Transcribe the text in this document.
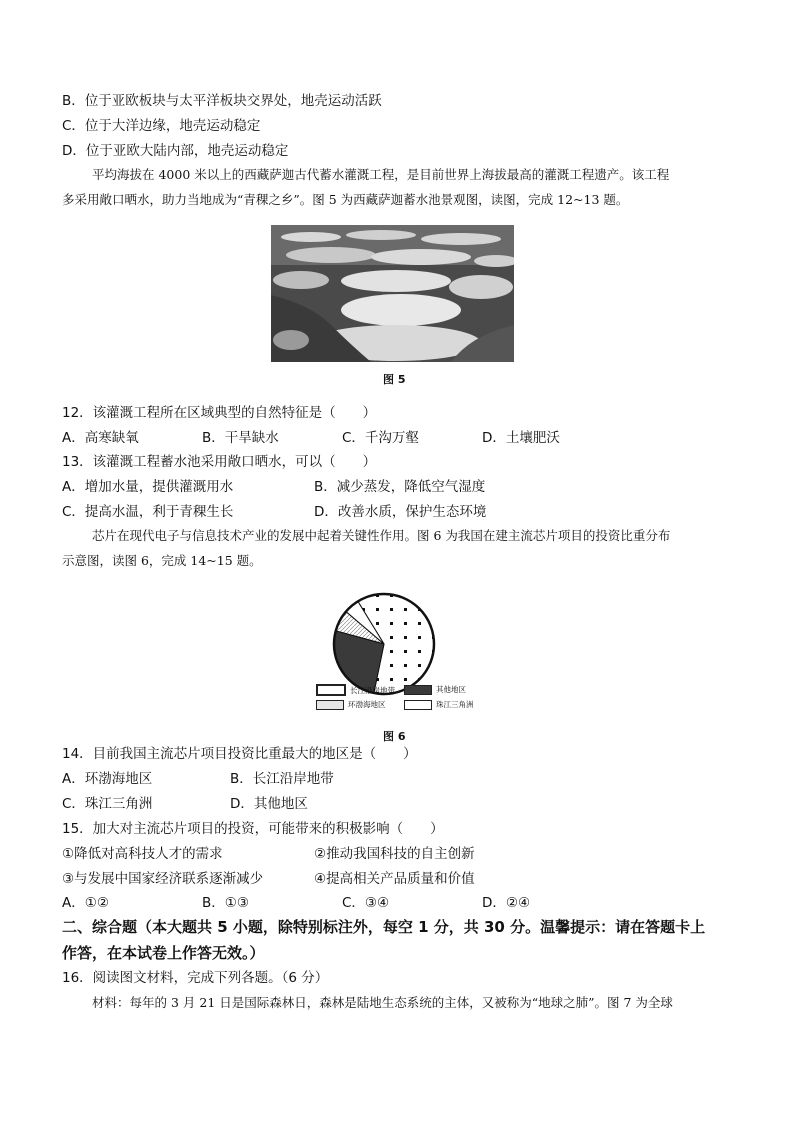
B．位于亚欧板块与太平洋板块交界处，地壳运动活跃
C．位于大洋边缘，地壳运动稳定
D．位于亚欧大陆内部，地壳运动稳定
平均海拔在 4000 米以上的西藏萨迦古代蓄水灌溉工程，是目前世界上海拔最高的灌溉工程遗产。该工程
多采用敞口晒水，助力当地成为“青稞之乡”。图 5 为西藏萨迦蓄水池景观图，读图，完成 12~13 题。
图 5
12．该灌溉工程所在区域典型的自然特征是（　　）
A．高寒缺氧	B．干旱缺水	C．千沟万壑	D．土壤肥沃
13．该灌溉工程蓄水池采用敞口晒水，可以（　　）
A．增加水量，提供灌溉用水	B．减少蒸发，降低空气湿度
C．提高水温，利于青稞生长	D．改善水质，保护生态环境
芯片在现代电子与信息技术产业的发展中起着关键性作用。图 6 为我国在建主流芯片项目的投资比重分布
示意图，读图 6，完成 14~15 题。
长江沿岸地带	其他地区
环渤海地区	珠江三角洲
图 6
14．目前我国主流芯片项目投资比重最大的地区是（　　）
A．环渤海地区	B．长江沿岸地带
C．珠江三角洲	D．其他地区
15．加大对主流芯片项目的投资，可能带来的积极影响（　　）
①降低对高科技人才的需求	②推动我国科技的自主创新
③与发展中国家经济联系逐渐减少	④提高相关产品质量和价值
A．①②	B．①③	C．③④	D．②④
二、综合题（本大题共 5 小题，除特别标注外，每空 1 分，共 30 分。温馨提示：请在答题卡上
作答，在本试卷上作答无效。）
16．阅读图文材料，完成下列各题。（6 分）
材料：每年的 3 月 21 日是国际森林日，森林是陆地生态系统的主体，又被称为“地球之肺”。图 7 为全球
